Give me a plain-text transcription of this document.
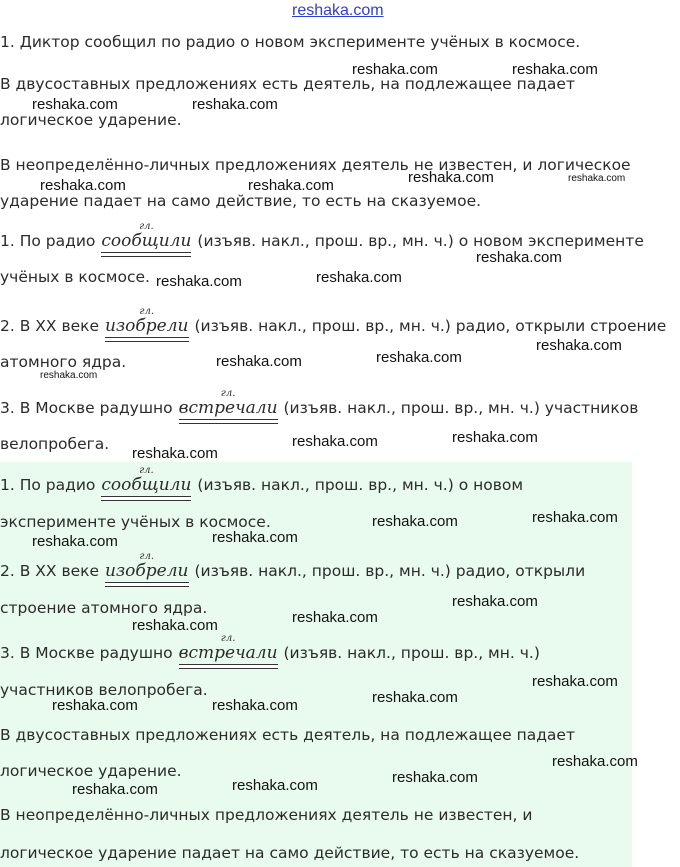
reshaka.com
1. Диктор сообщил по радио о новом эксперименте учёных в космосе.
В двусоставных предложениях есть деятель, на подлежащее падает
логическое ударение.
В неопределённо-личных предложениях деятель не известен, и логическое
ударение падает на само действие, то есть на сказуемое.
1. По радио
гл.
сообщили (изъяв. накл., прош. вр., мн. ч.) о новом эксперименте
учёных в космосе.
2. В XX веке
гл.
изобрели (изъяв. накл., прош. вр., мн. ч.) радио, открыли строение
атомного ядра.
3. В Москве радушно
гл.
встречали (изъяв. накл., прош. вр., мн. ч.) участников
велопробега.
1. По радио
гл.
сообщили (изъяв. накл., прош. вр., мн. ч.) о новом
эксперименте учёных в космосе.
2. В XX веке
гл.
изобрели (изъяв. накл., прош. вр., мн. ч.) радио, открыли
строение атомного ядра.
3. В Москве радушно
гл.
встречали (изъяв. накл., прош. вр., мн. ч.)
участников велопробега.
В двусоставных предложениях есть деятель, на подлежащее падает
логическое ударение.
В неопределённо-личных предложениях деятель не известен, и
логическое ударение падает на само действие, то есть на сказуемое.
reshaka.com	reshaka.com
reshaka.com	reshaka.com
reshaka.com	reshaka.com
reshaka.com	reshaka.com
reshaka.com
reshaka.com	reshaka.com
reshaka.com
reshaka.com
reshaka.com
reshaka.com
reshaka.com
reshaka.com
reshaka.com
reshaka.com
reshaka.com
reshaka.com
reshaka.com
reshaka.com
reshaka.com
reshaka.com
reshaka.com
reshaka.com
reshaka.com
reshaka.com
reshaka.com
reshaka.com
reshaka.com
reshaka.com
